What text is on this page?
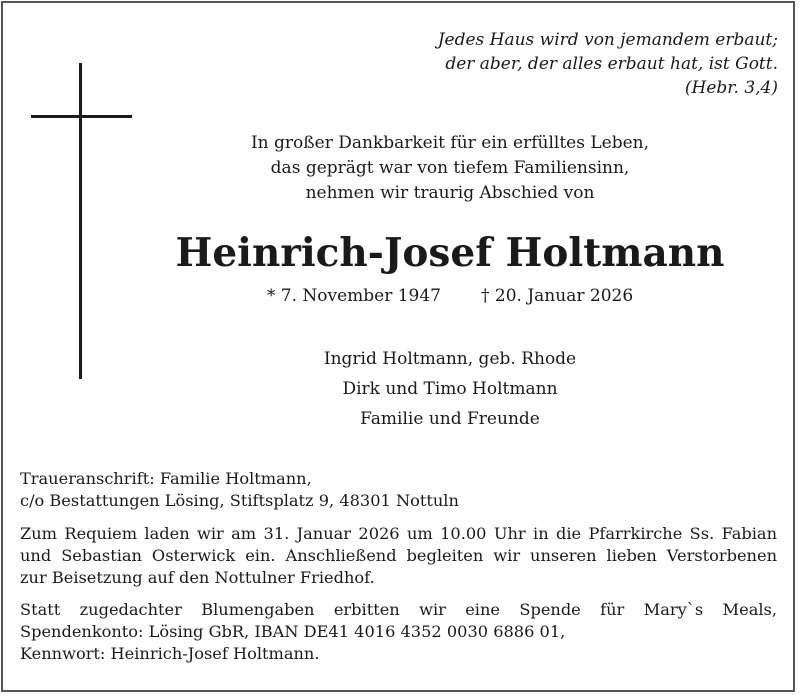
Jedes Haus wird von jemandem erbaut;
der aber, der alles erbaut hat, ist Gott.
(Hebr. 3,4)
In großer Dankbarkeit für ein erfülltes Leben,
das geprägt war von tiefem Familiensinn,
nehmen wir traurig Abschied von
Heinrich-Josef Holtmann
* 7. November 1947 † 20. Januar 2026
Ingrid Holtmann, geb. Rhode
Dirk und Timo Holtmann
Familie und Freunde
Traueranschrift: Familie Holtmann,
c/o Bestattungen Lösing, Stiftsplatz 9, 48301 Nottuln
Zum Requiem laden wir am 31. Januar 2026 um 10.00 Uhr in die Pfarrkirche Ss. Fabian
und Sebastian Osterwick ein. Anschließend begleiten wir unseren lieben Verstorbenen
zur Beisetzung auf den Nottulner Friedhof.
Statt zugedachter Blumengaben erbitten wir eine Spende für Mary`s Meals,
Spendenkonto: Lösing GbR, IBAN DE41 4016 4352 0030 6886 01,
Kennwort: Heinrich-Josef Holtmann.
